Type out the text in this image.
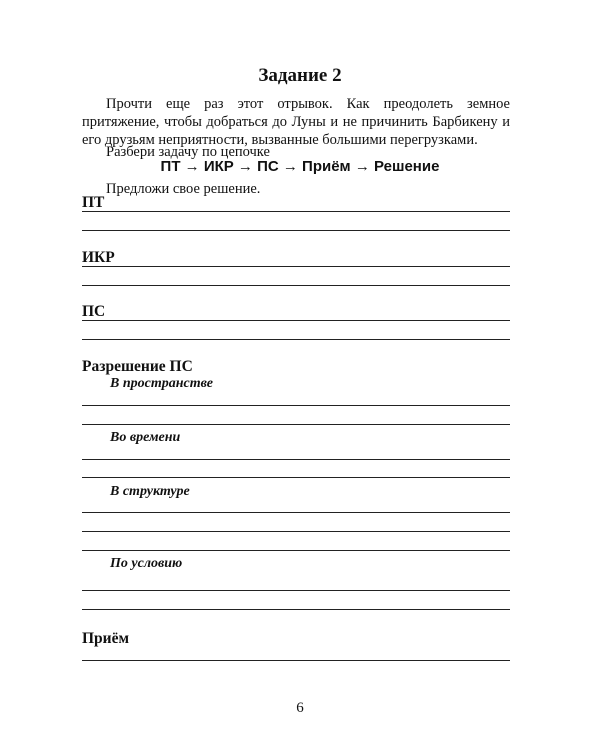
Задание 2
Прочти еще раз этот отрывок. Как преодолеть земное притяжение, чтобы добраться до Луны и не причинить Барбикену и его друзьям неприятности, вызванные большими перегрузками.
Разбери задачу по цепочке
ПТ → ИКР → ПС → Приём → Решение
Предложи свое решение.
ПТ
ИКР
ПС
Разрешение ПС
В пространстве
Во времени
В структуре
По условию
Приём
6
